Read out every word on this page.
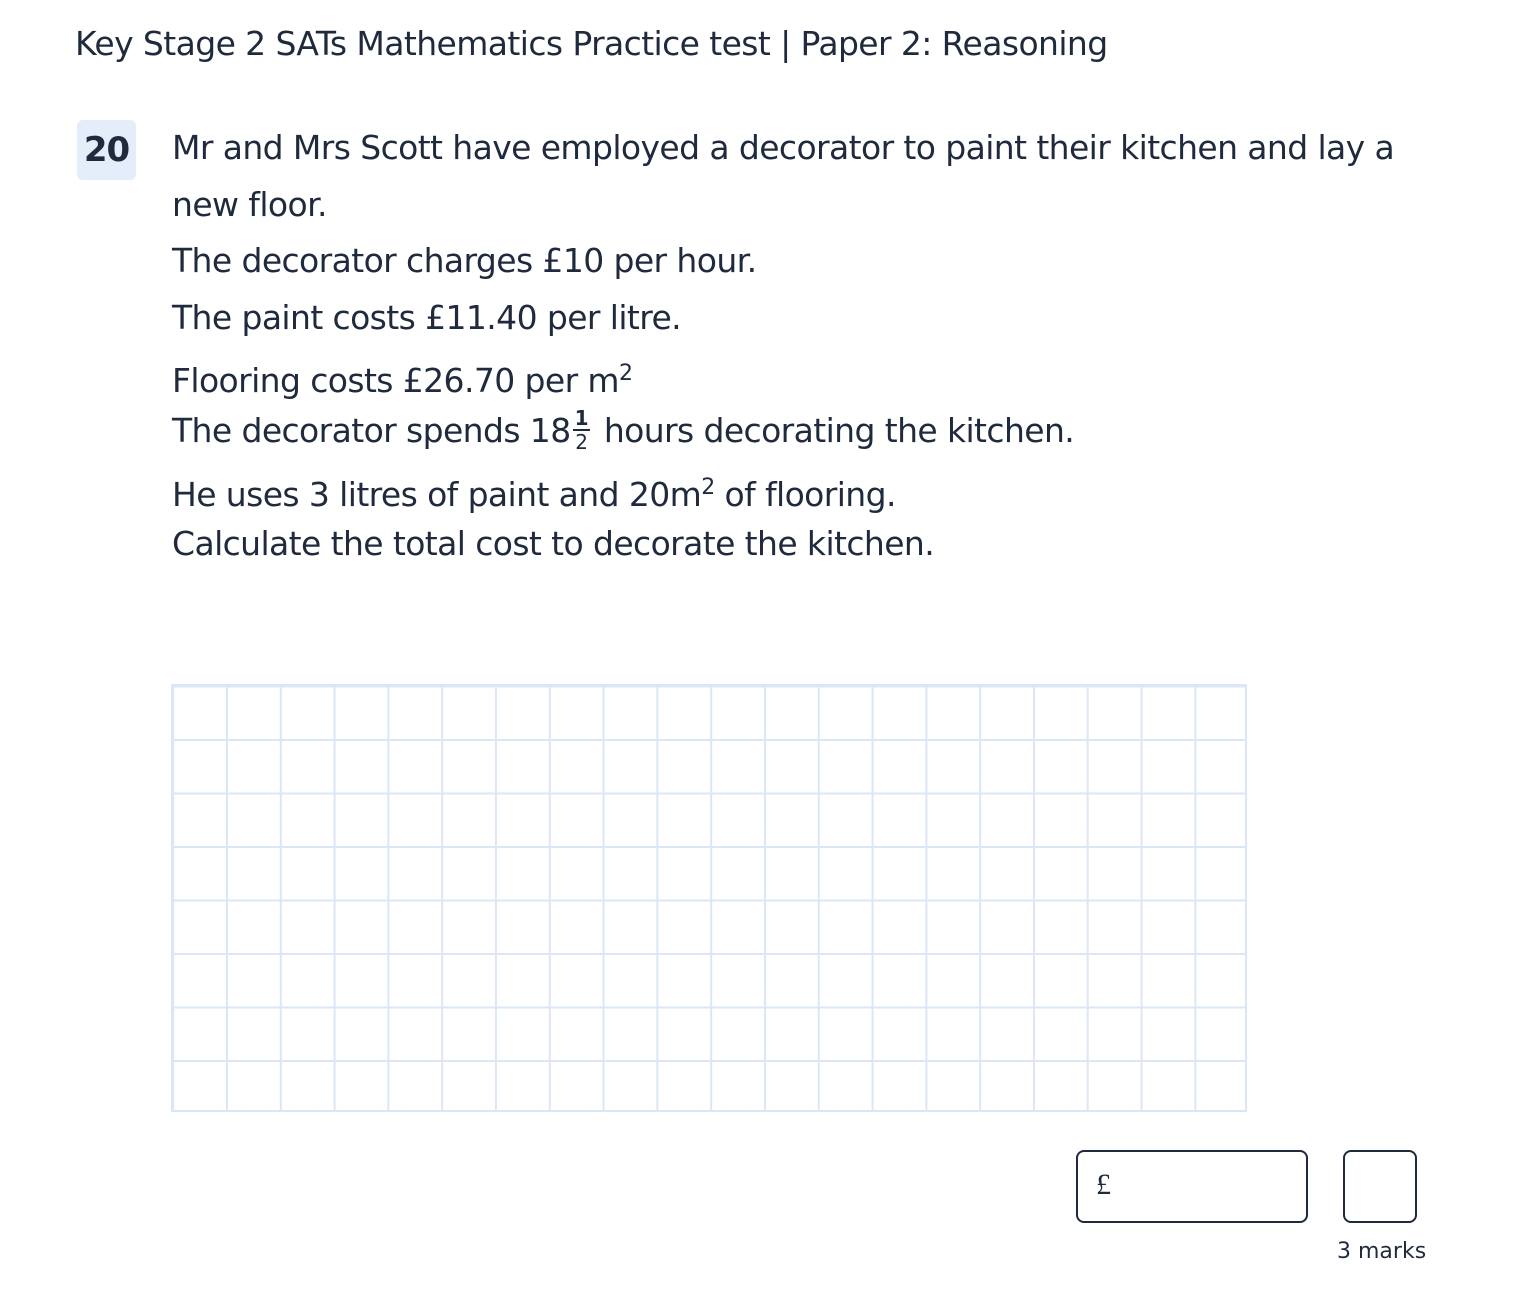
Key Stage 2 SATs Mathematics Practice test | Paper 2: Reasoning
20 Mr and Mrs Scott have employed a decorator to paint their kitchen and lay a
new floor.
The decorator charges £10 per hour.
The paint costs £11.40 per litre.
Flooring costs £26.70 per $m^2$
The decorator spends $18 \frac{1}{2}$ hours decorating the kitchen.
He uses 3 litres of paint and $20m^2$ of flooring.
Calculate the total cost to decorate the kitchen.
£
3 marks
